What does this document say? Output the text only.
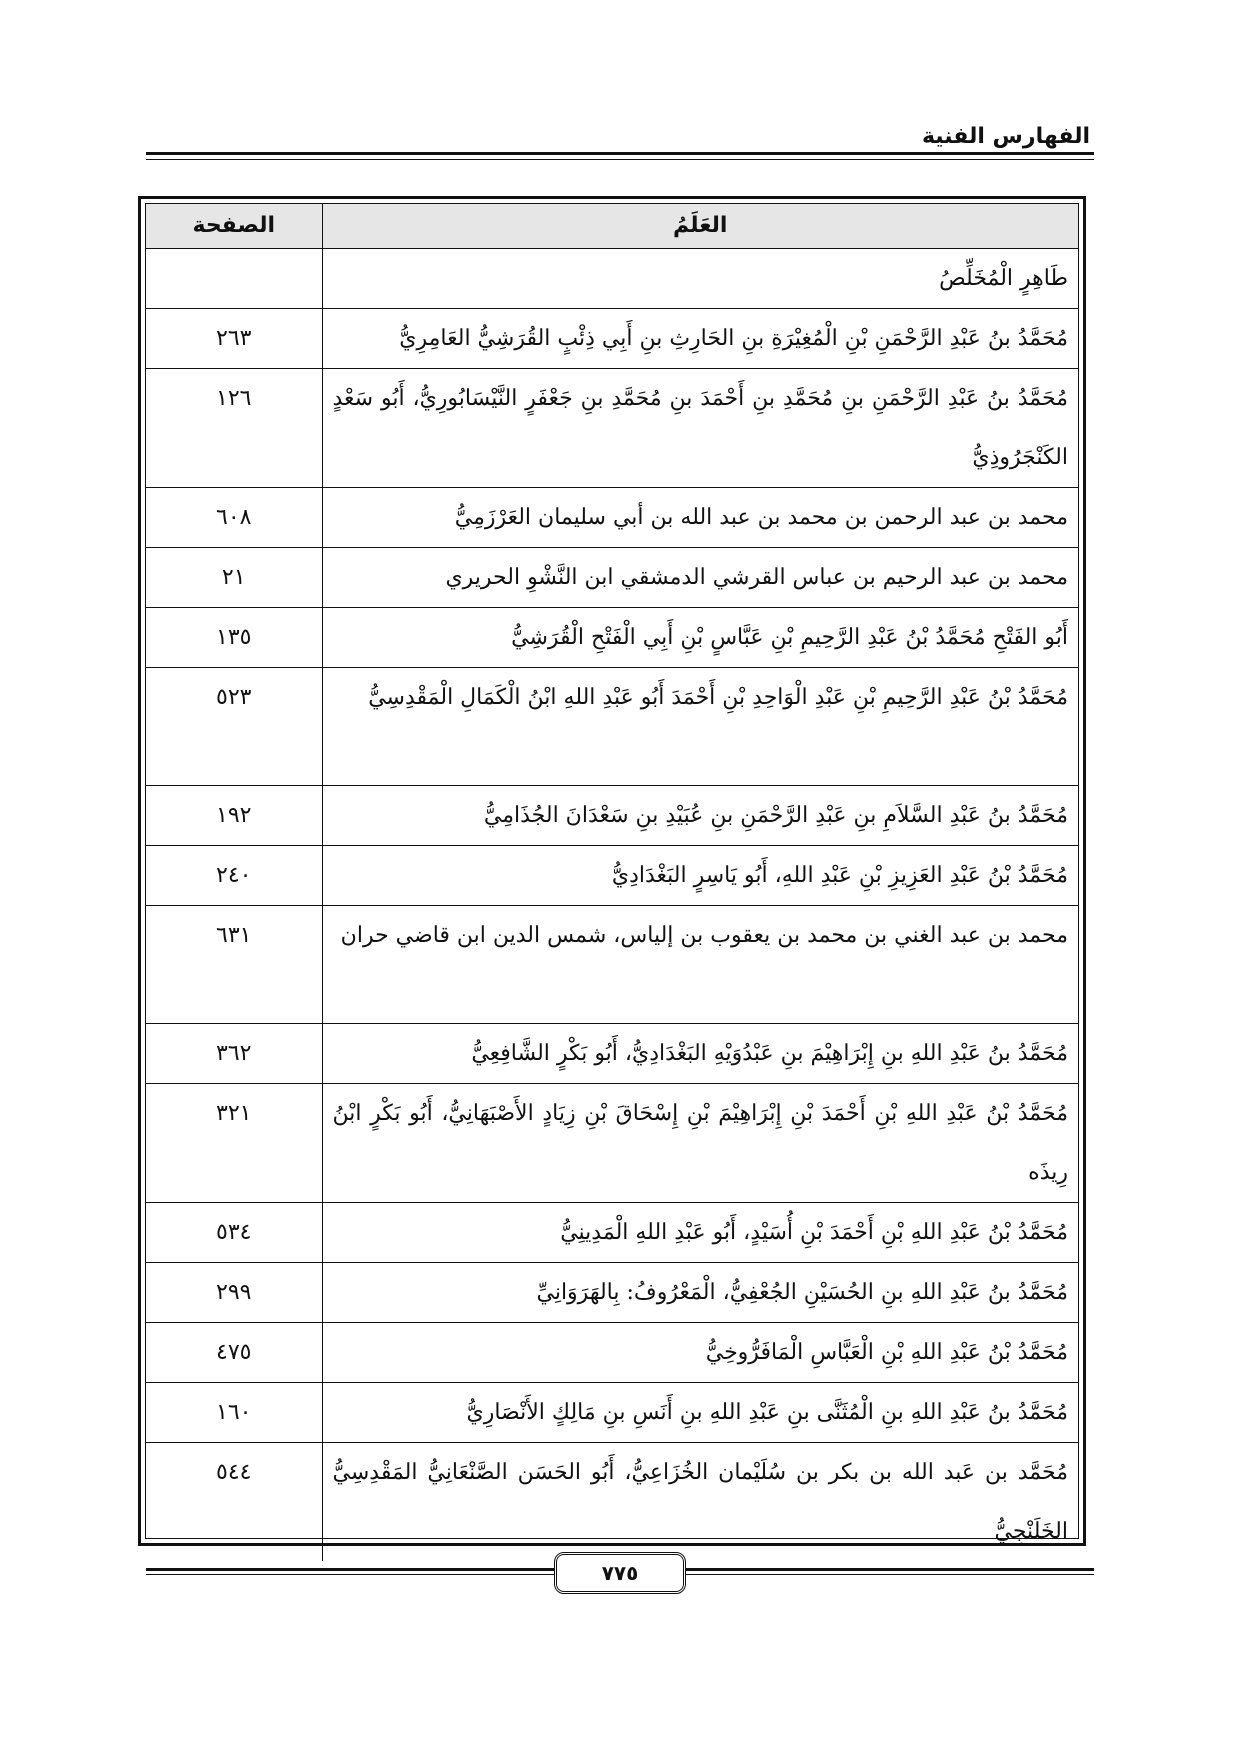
الفهارس الفنية
العَلَمُ	الصفحة
طَاهِرٍ الْمُخَلِّصُ	
مُحَمَّدُ بنُ عَبْدِ الرَّحْمَنِ بْنِ الْمُغِيْرَةِ بنِ الحَارِثِ بنِ أَبِي ذِئْبٍ القُرَشِيُّ العَامِرِيُّ	٢٦٣
مُحَمَّدُ بنُ عَبْدِ الرَّحْمَنِ بنِ مُحَمَّدِ بنِ أَحْمَدَ بنِ مُحَمَّدِ بنِ جَعْفَرٍ النَّيْسَابُورِيُّ، أَبُو سَعْدٍ الكَنْجَرُوذِيُّ	١٢٦
محمد بن عبد الرحمن بن محمد بن عبد الله بن أبي سليمان العَرْزَمِيُّ	٦٠٨
محمد بن عبد الرحيم بن عباس القرشي الدمشقي ابن النَّشْوِ الحريري	٢١
أَبُو الفَتْحِ مُحَمَّدُ بْنُ عَبْدِ الرَّحِيمِ بْنِ عَبَّاسٍ بْنِ أَبِي الْفَتْحِ الْقُرَشِيُّ	١٣٥
مُحَمَّدُ بْنُ عَبْدِ الرَّحِيمِ بْنِ عَبْدِ الْوَاحِدِ بْنِ أَحْمَدَ أَبُو عَبْدِ اللهِ ابْنُ الْكَمَالِ الْمَقْدِسِيُّ	٥٢٣
مُحَمَّدُ بنُ عَبْدِ السَّلاَمِ بنِ عَبْدِ الرَّحْمَنِ بنِ عُبَيْدِ بنِ سَعْدَانَ الجُذَامِيُّ	١٩٢
مُحَمَّدُ بْنُ عَبْدِ العَزِيزِ بْنِ عَبْدِ اللهِ، أَبُو يَاسِرٍ البَغْدَادِيُّ	٢٤٠
محمد بن عبد الغني بن محمد بن يعقوب بن إلياس، شمس الدين ابن قاضي حران	٦٣١
مُحَمَّدُ بنُ عَبْدِ اللهِ بنِ إِبْرَاهِيْمَ بنِ عَبْدُوَيْهِ البَغْدَادِيُّ، أَبُو بَكْرٍ الشَّافِعِيُّ	٣٦٢
مُحَمَّدُ بْنُ عَبْدِ اللهِ بْنِ أَحْمَدَ بْنِ إِبْرَاهِيْمَ بْنِ إِسْحَاقَ بْنِ زِيَادٍ الأَصْبَهَانِيُّ، أَبُو بَكْرٍ ابْنُ رِيذَه	٣٢١
مُحَمَّدُ بْنُ عَبْدِ اللهِ بْنِ أَحْمَدَ بْنِ أُسَيْدٍ، أَبُو عَبْدِ اللهِ الْمَدِينِيُّ	٥٣٤
مُحَمَّدُ بنُ عَبْدِ اللهِ بنِ الحُسَيْنِ الجُعْفِيُّ، الْمَعْرُوفُ: بِالهَرَوَانِيِّ	٢٩٩
مُحَمَّدُ بْنُ عَبْدِ اللهِ بْنِ الْعَبَّاسِ الْمَافَرُّوخِيُّ	٤٧٥
مُحَمَّدُ بنُ عَبْدِ اللهِ بنِ الْمُثَنَّى بنِ عَبْدِ اللهِ بنِ أَنَسِ بنِ مَالِكٍ الأَنْصَارِيُّ	١٦٠
مُحَمَّد بن عَبد الله بن بكر بن سُلَيْمان الخُزَاعِيُّ، أَبُو الحَسَن الصَّنْعَانِيُّ المَقْدِسِيُّ الخَلَنْجِيُّ	٥٤٤
٧٧٥
